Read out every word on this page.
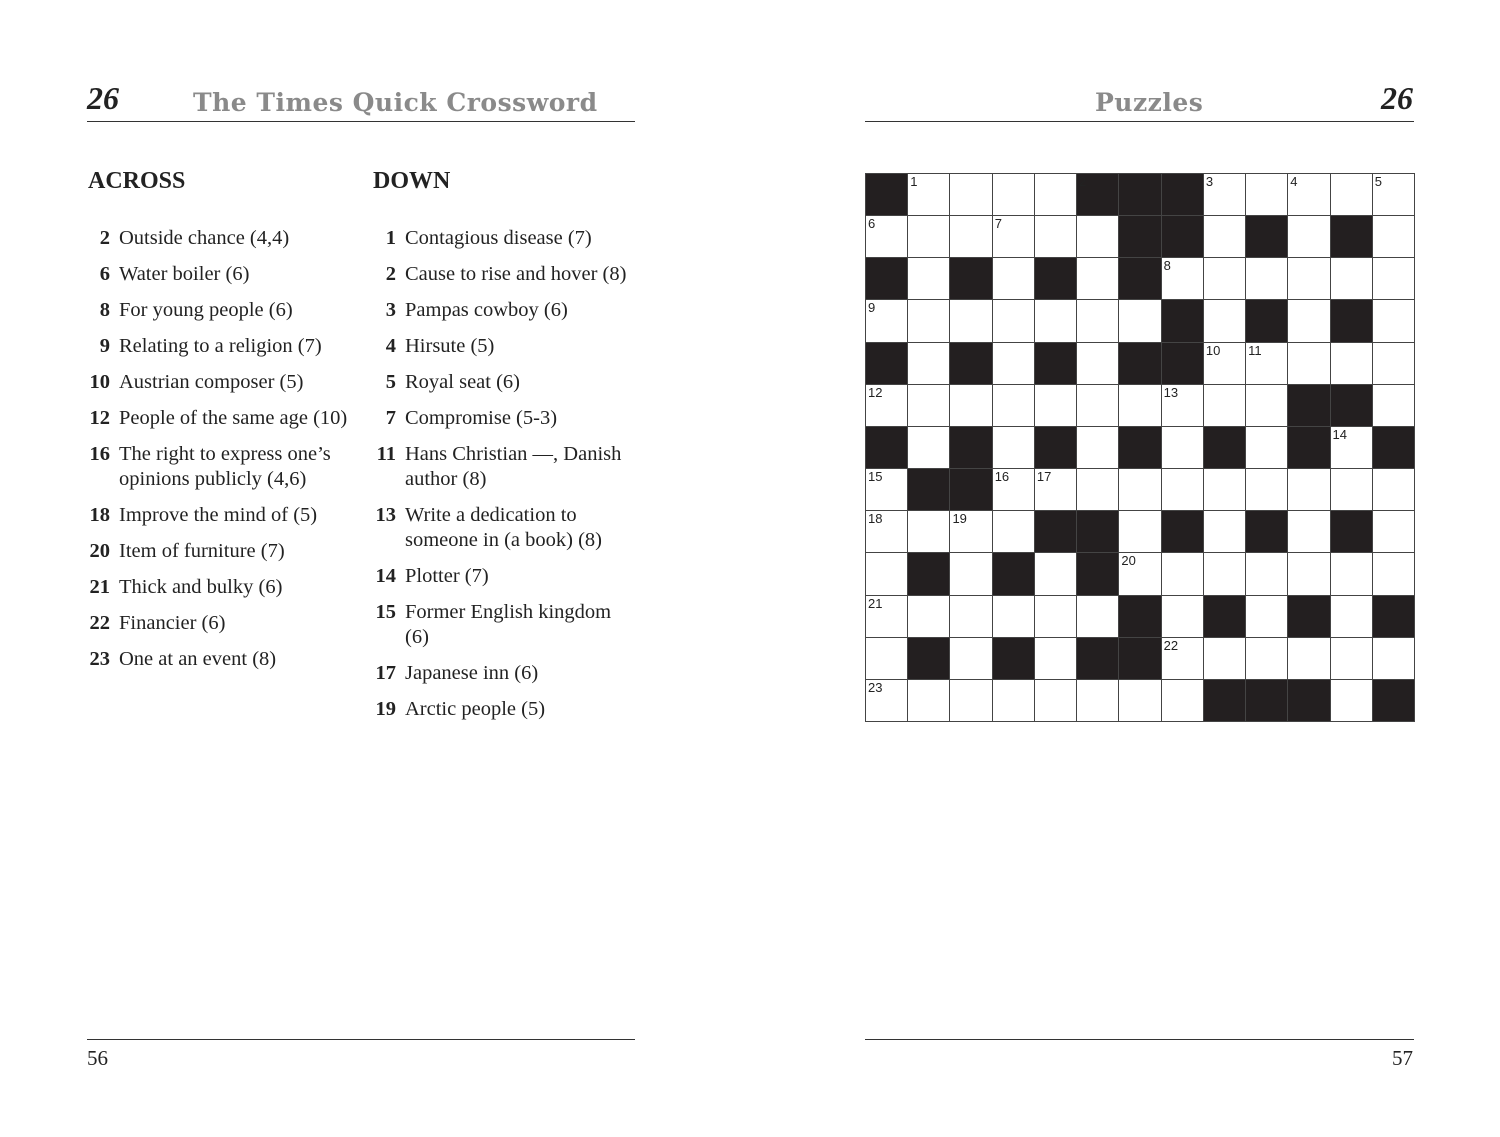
26	The Times Quick Crossword
ACROSS	DOWN
2 Outside chance (4,4)
6 Water boiler (6)
8 For young people (6)
9 Relating to a religion (7)
10 Austrian composer (5)
12 People of the same age (10)
16 The right to express one’s opinions publicly (4,6)
18 Improve the mind of (5)
20 Item of furniture (7)
21 Thick and bulky (6)
22 Financier (6)
23 One at an event (8)
1 Contagious disease (7)
2 Cause to rise and hover (8)
3 Pampas cowboy (6)
4 Hirsute (5)
5 Royal seat (6)
7 Compromise (5-3)
11 Hans Christian —, Danish author (8)
13 Write a dedication to someone in (a book) (8)
14 Plotter (7)
15 Former English kingdom (6)
17 Japanese inn (6)
19 Arctic people (5)
56
Puzzles	26
1	2	3	4	5
6	7
8
9
10 11
12	13
14
15	16 17
18	19
20
21
22
23
57
